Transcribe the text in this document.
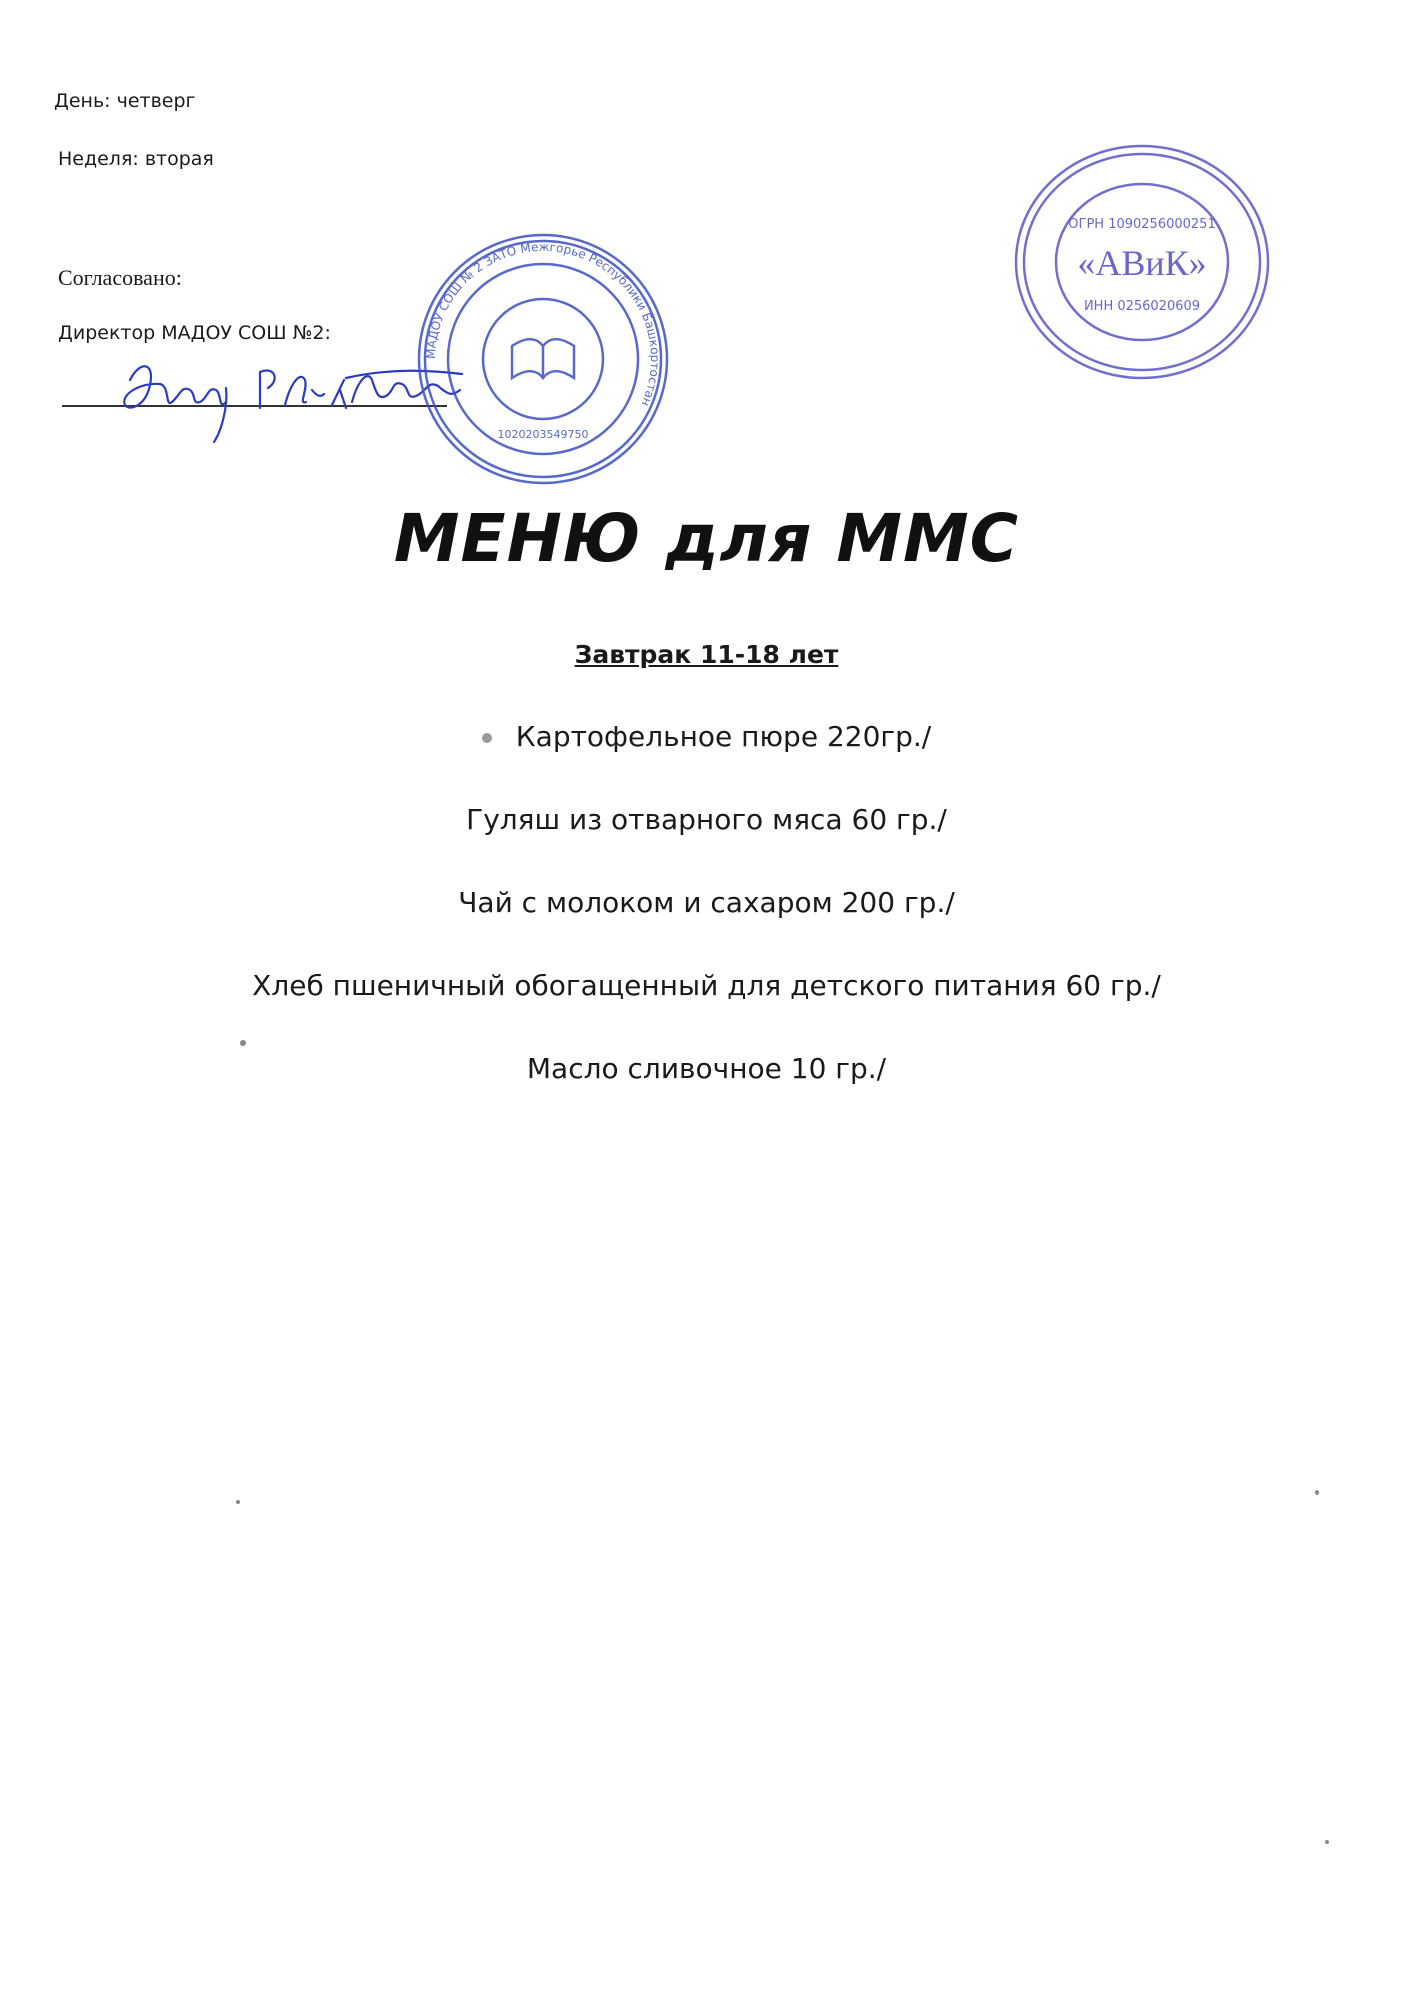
День: четверг
Неделя: вторая
Согласовано:
Директор МАДОУ СОШ №2:
МАДОУ СОШ № 2 ЗАТО Межгорье Республики Башкортостан
1020203549750
ОГРН 1090256000251
«АВиК»
ИНН 0256020609
МЕНЮ для ММС
Завтрак 11-18 лет
Картофельное пюре 220гр./
Гуляш из отварного мяса 60 гр./
Чай с молоком и сахаром 200 гр./
Хлеб пшеничный обогащенный для детского питания 60 гр./
Масло сливочное 10 гр./
